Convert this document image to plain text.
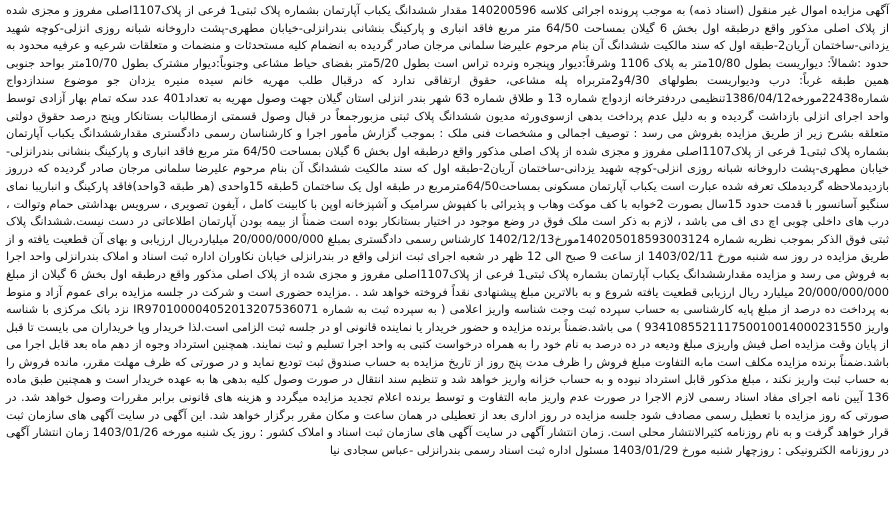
آگهی مزایده اموال غیر منقول (اسناد ذمه) به موجب پرونده اجرائی کلاسه 140200596 مقدار ششدانگ یکباب آپارتمان بشماره پلاک ثبتی1 فرعی از پلاک1107اصلی مفروز و مجزی شده از پلاک اصلی مذکور واقع درطبقه اول بخش 6 گیلان بمساحت 64/50 متر مربع فاقد انباری و پارکینگ بنشانی بندرانزلی-خیابان مطهری-پشت داروخانه شبانه روزی انزلی-کوچه شهید یزدانی-ساختمان آریان2-طبقه اول که سند مالکیت ششدانگ آن بنام مرحوم علیرضا سلمانی مرجان صادر گردیده به انضمام کلیه مستحدثات و منضمات و متعلقات شرعیه و عرفیه محدود به حدود :شمالاً: دیواریست بطول 10/80متر به پلاک 1106 وشرقاً:دیوار وپنجره ونرده تراس است بطول 5/20متر بفضای حیاط مشاعی وجنوباً:دیوار مشترک بطول 10/70متر بواحد جنوبی همین طبقه غرباً: درب ودیواریست بطولهای 4/30و2متربراه پله مشاعی، حقوق ارتفاقی ندارد که درقبال طلب مهریه خانم سیده منیره یزدان جو موضوع سندازدواج شماره22438مورخه1386/04/12تنظیمی دردفترخانه ازدواج شماره 13 و طلاق شماره 63 شهر بندر انزلی استان گیلان جهت وصول مهریه به تعداد401 عدد سکه تمام بهار آزادی توسط واحد اجرای انزلی بازداشت گردیده و به دلیل عدم پرداخت بدهی ازسوی‌ورثه مدیون ششدانگ پلاک ثبتی مزبورجمعاً در قبال وصول قسمتی ازمطالبات بستانکار وپنج درصد حقوق دولتی متعلقه بشرح زیر از طریق مزایده بفروش می رسد : توصیف اجمالی و مشخصات فنی ملک : بموجب گزارش مأمور اجرا و کارشناسان رسمی دادگستری مقدارششدانگ یکباب آپارتمان بشماره پلاک ثبتی1 فرعی از پلاک1107اصلی مفروز و مجزی شده از پلاک اصلی مذکور واقع درطبقه اول بخش 6 گیلان بمساحت 64/50 متر مربع فاقد انباری و پارکینگ بنشانی بندرانزلی-خیابان مطهری-پشت داروخانه شبانه روزی انزلی-کوچه شهید یزدانی-ساختمان آریان2-طبقه اول که سند مالکیت ششدانگ آن بنام مرحوم علیرضا سلمانی مرجان صادر گردیده که درروز بازدیدملاحظه گردیدملک تعرفه شده عبارت است یکباب آپارتمان مسکونی بمساحت64/50مترمربع در طبقه اول یک ساختمان 5طبقه 15واحدی (هر طبقه 3واحد)فاقد پارکینگ و انباریبا نمای سنگیو آسانسور با قدمت حدود 15سال بصورت 2خوابه با کف موکت وهاب و پذیرائی با کفپوش سرامیک و آشپزخانه اوپن با کابینت کامل ، آیفون تصویری ، سرویس بهداشتی حمام وتوالت ، درب های داخلی چوبی اچ دی اف می باشد ، لازم به ذکر است ملک فوق در وضع موجود در اختیار بستانکار بوده است ضمناً از بیمه بودن آپارتمان اطلاعاتی در دست نیست.ششدانگ پلاک ثبتی فوق الذکر بموجب نظریه شماره 140205018593003124مورخ1402/12/13 کارشناس رسمی دادگستری بمبلغ 20/000/000/000 میلیاردریال ارزیابی و بهای آن قطعیت یافته و از طریق مزایده در روز سه شنبه مورخ 1403/02/11 از ساعت 9 صبح الی 12 ظهر در شعبه اجرای ثبت انزلی واقع در بندرانزلی خیابان نکاوران اداره ثبت اسناد و املاک بندرانزلی واحد اجرا به فروش می رسد و مزایده مقدارششدانگ یکباب آپارتمان بشماره پلاک ثبتی1 فرعی از پلاک1107اصلی مفروز و مجزی شده از پلاک اصلی مذکور واقع درطبقه اول بخش 6 گیلان از مبلغ 20/000/000/000 میلیارد ریال ارزیابی قطعیت یافته شروع و به بالاترین مبلغ پیشنهادی نقداً فروخته خواهد شد . .مزایده حضوری است و شرکت در جلسه مزایده برای عموم آزاد و منوط به پرداخت ده درصد از مبلغ پایه کارشناسی به حساب سپرده ثبت وجت شناسه واریز اعلامی ( به سپرده ثبت به شماره IR970100004052013207536071 نزد بانک مرکزی با شناسه واریز 934108552111750010014000231550 ) می باشد.ضمناً برنده مزایده و حضور خریدار یا نماینده قانونی او در جلسه ثبت الزامی است.لذا خریدار وپا خریداران می بایست تا قبل از پایان وقت مزایده اصل فیش واریزی مبلغ ودیعه در ده درصد به نام خود را به همراه درخواست کتبی به واحد اجرا تسلیم و ثبت نمایند. همچنین استرداد وجوه از دهم ماه بعد قابل اجرا می باشد.ضمناً برنده مزایده مکلف است مابه التفاوت مبلغ فروش را ظرف مدت پنج روز از تاریخ مزایده به حساب صندوق ثبت تودیع نماید و در صورتی که ظرف مهلت مقرر، مانده فروش را به حساب ثبت واریز نکند ، مبلغ مذکور قابل استرداد نبوده و به حساب خزانه واریز خواهد شد و تنظیم سند انتقال در صورت وصول کلیه بدهی ها به عهده خریدار است و همچنین طبق ماده 136 آیین نامه اجرای مفاد اسناد رسمی لازم الاجرا در صورت عدم واریز مابه التفاوت و توسط برنده اعلام تجدید مزایده میگردد و هزینه های قانونی برابر مقررات وصول خواهد شد. در صورتی که روز مزایده با تعطیل رسمی مصادف شود جلسه مزایده در روز اداری بعد از تعطیلی در همان ساعت و مکان مقرر برگزار خواهد شد. این آگهی در سایت آگهی های سازمان ثبت قرار خواهد گرفت و به نام روزنامه کثیرالانتشار محلی است. زمان انتشار آگهی در سایت آگهی های سازمان ثبت اسناد و املاک کشور : روز یک شنبه مورخه 1403/01/26 زمان انتشار آگهی در روزنامه الکترونیکی : روزچهار شنبه مورخ 1403/01/29 مسئول اداره ثبت اسناد رسمی بندرانزلی -عباس سجادی نیا
